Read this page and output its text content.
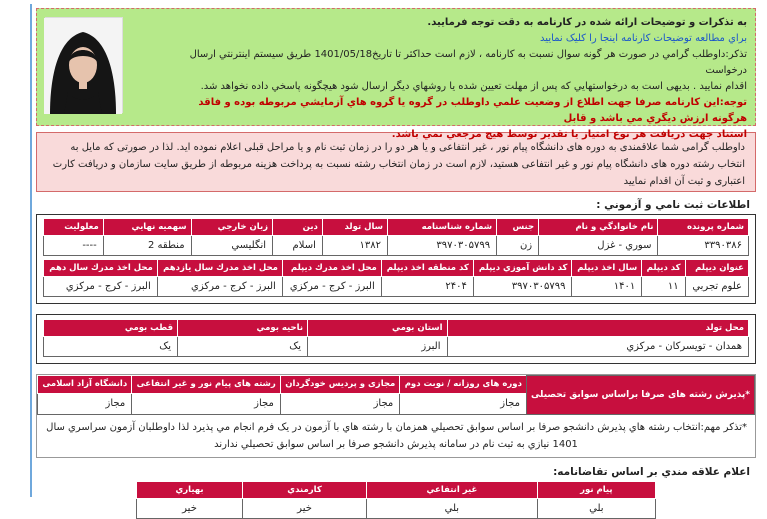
به تذکرات و توضیحات ارائه شده در کارنامه به دقت توجه فرمایید.
براي مطالعه توضیحات کارنامه اینجا را کلیک نمایید
تذکر:داوطلب گرامي در صورت هر گونه سوال نسبت به کارنامه ، لازم است حداکثر تا تاریخ1401/05/18 طريق سيستم اينترنتي ارسال درخواست
اقدام نمایید . بدیهی است به درخواستهايي كه پس از مهلت تعيين شده يا روشهاي ديگر ارسال شود هيچگونه پاسخي داده نخواهد شد.
توجه:این کارنامه صرفا جهت اطلاع از وضعيت علمي داوطلب در گروه يا گروه هاي آزمايشي مربوطه بوده و فاقد هرگونه ارزش ديگري مي باشد و قابل
استناد جهت دريافت هر نوع امتياز يا تقدير توسط هيچ مرجعي نمي باشد.
داوطلب گرامی شما علاقمندی به دوره های دانشگاه پیام نور ، غیر انتفاعی و یا هر دو را در زمان ثبت نام و یا مراحل قبلی اعلام نموده اید. لذا در صورتی که مایل به
انتخاب رشته دوره های دانشگاه پیام نور و غیر انتفاعی هستید، لازم است در زمان انتخاب رشته نسبت به پرداخت هزینه مربوطه از طریق سایت سازمان و دریافت کارت
اعتباری و ثبت آن اقدام نمایید
اطلاعات ثبت نامي و آزموني :
شماره پرونده	نام خانوادگي و نام	جنس	شماره شناسنامه	سال تولد	دين	زبان خارجي	سهميه نهايي	معلوليت
۳۳۹۰۳۸۶	سوري - غزل	زن	۳۹۷۰۳۰۵۷۹۹	۱۳۸۲	اسلام	انگليسي	منطقه 2	----
عنوان ديپلم	كد ديپلم	سال اخذ ديپلم	كد دانش آموزي ديپلم	كد منطقه اخذ ديپلم	محل اخذ مدرك ديپلم	محل اخذ مدرك سال يازدهم	محل اخذ مدرك سال دهم
علوم تجربي	۱۱	۱۴۰۱	۳۹۷۰۳۰۵۷۹۹	۲۴۰۴	البرز - کرج - مرکزي	البرز - کرج - مرکزي	البرز - کرج - مرکزي
محل تولد	استان بومي	ناحيه بومي	قطب بومي
همدان - تويسرکان - مرکزي	البرز	يک	يک
*پذیرش رشته های صرفا براساس سوابق تحصیلی	دوره های روزانه / نوبت دوم	مجازی و پردیس خودگردان	رشته های پیام نور و غیر انتفاعی	دانشگاه آزاد اسلامی
	مجاز	مجاز	مجاز	مجاز
*تذکر مهم:انتخاب رشته هاي پذيرش دانشجو صرفا بر اساس سوابق تحصيلي همزمان با رشته هاي با آزمون در يک فرم انجام مي پذيرد لذا داوطلبان آزمون سراسري سال
1401 نيازي به ثبت نام در سامانه پذيرش دانشجو صرفا بر اساس سوابق تحصيلي ندارند
اعلام علاقه مندي بر اساس تقاضانامه:
پيام نور	غير انتفاعي	كارمندي	بهياري
بلي	بلي	خير	خير
